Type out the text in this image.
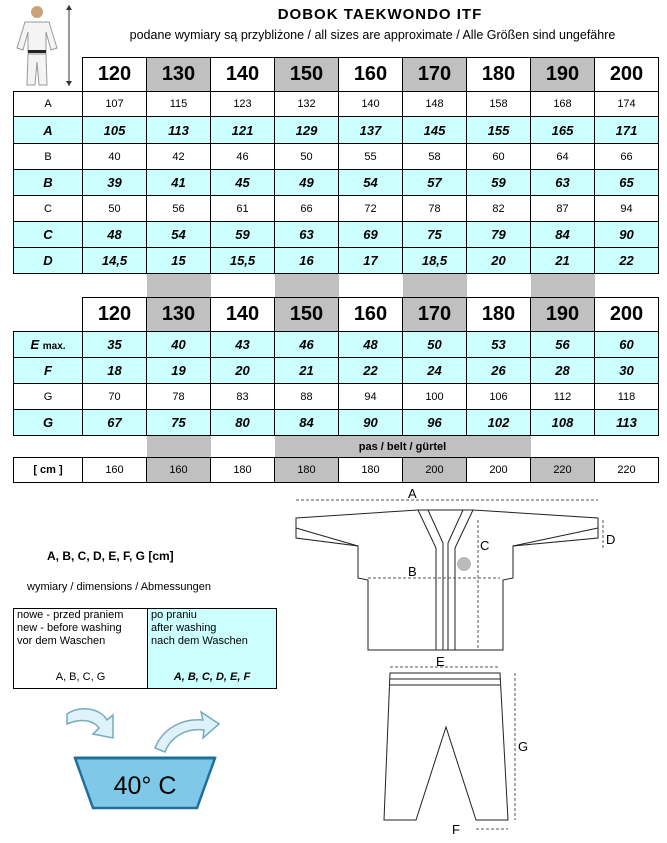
DOBOK TAEKWONDO ITF
podane wymiary są przybliżone / all sizes are approximate / Alle Größen sind ungefähre
	120	130	140	150	160	170	180	190	200
A	107	115	123	132	140	148	158	168	174
A	105	113	121	129	137	145	155	165	171
B	40	42	46	50	55	58	60	64	66
B	39	41	45	49	54	57	59	63	65
C	50	56	61	66	72	78	82	87	94
C	48	54	59	63	69	75	79	84	90
D	14,5	15	15,5	16	17	18,5	20	21	22

	120	130	140	150	160	170	180	190	200
E max.	35	40	43	46	48	50	53	56	60
F	18	19	20	21	22	24	26	28	30
G	70	78	83	88	94	100	106	112	118
G	67	75	80	84	90	96	102	108	113
				pas / belt / gürtel					
[ cm ]	160	160	180	180	180	200	200	220	220
A, B, C, D, E, F, G [cm]
wymiary / dimensions / Abmessungen
nowe - przed praniem
new - before washing
vor dem Waschen
A, B, C, G
po praniu
after washing
nach dem Waschen
A, B, C, D, E, F
40° C
A
B
C	D
E
G
F
